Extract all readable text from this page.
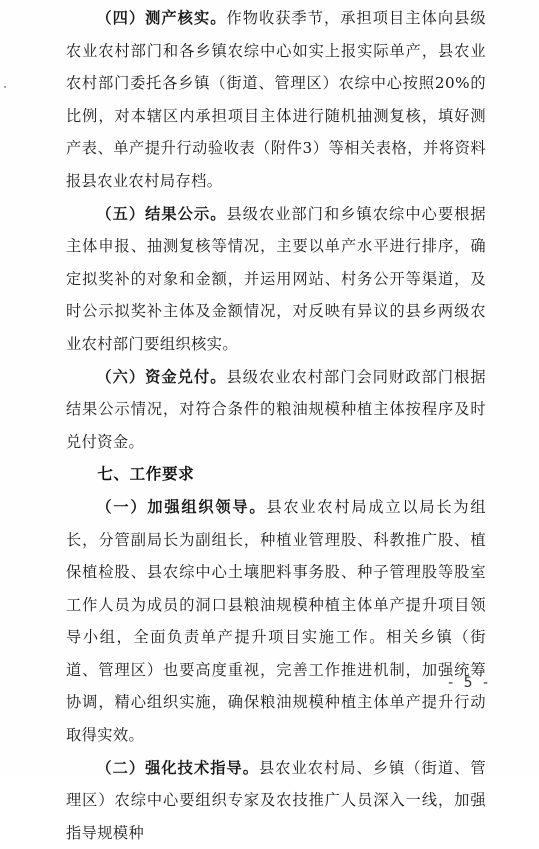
（四）测产核实。作物收获季节，承担项目主体向县级农业农村部门和各乡镇农综中心如实上报实际单产，县农业农村部门委托各乡镇（街道、管理区）农综中心按照20%的比例，对本辖区内承担项目主体进行随机抽测复核，填好测产表、单产提升行动验收表（附件3）等相关表格，并将资料报县农业农村局存档。

（五）结果公示。县级农业部门和乡镇农综中心要根据主体申报、抽测复核等情况，主要以单产水平进行排序，确定拟奖补的对象和金额，并运用网站、村务公开等渠道，及时公示拟奖补主体及金额情况，对反映有异议的县乡两级农业农村部门要组织核实。

（六）资金兑付。县级农业农村部门会同财政部门根据结果公示情况，对符合条件的粮油规模种植主体按程序及时兑付资金。

七、工作要求

（一）加强组织领导。县农业农村局成立以局长为组长，分管副局长为副组长，种植业管理股、科教推广股、植保植检股、县农综中心土壤肥料事务股、种子管理股等股室工作人员为成员的洞口县粮油规模种植主体单产提升项目领导小组，全面负责单产提升项目实施工作。相关乡镇（街道、管理区）也要高度重视，完善工作推进机制，加强统筹协调，精心组织实施，确保粮油规模种植主体单产提升行动取得实效。

（二）强化技术指导。县农业农村局、乡镇（街道、管理区）农综中心要组织专家及农技推广人员深入一线，加强指导规模种

- 5 -
